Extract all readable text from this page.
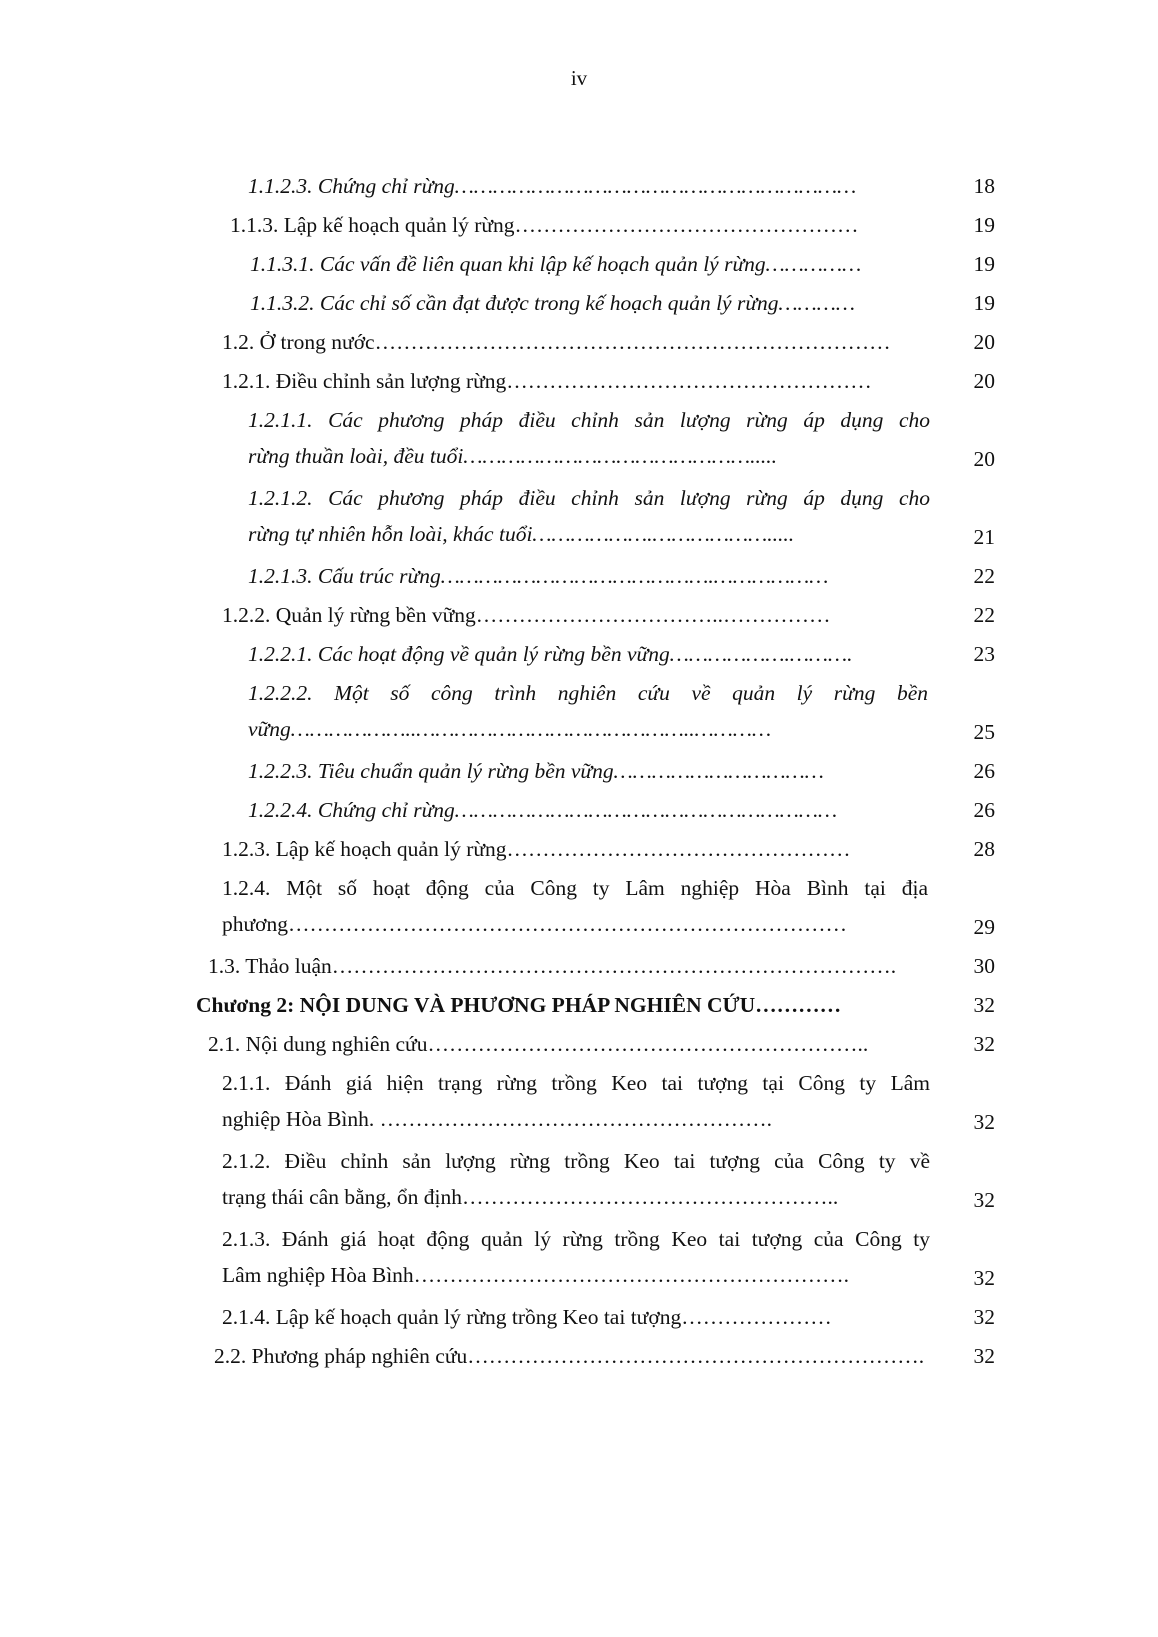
iv
1.1.2.3. Chứng chỉ rừng………………………………………………………	18
1.1.3. Lập kế hoạch quản lý rừng…………………………………………	19
1.1.3.1. Các vấn đề liên quan khi lập kế hoạch quản lý rừng……………	19
1.1.3.2. Các chỉ số cần đạt được trong kế hoạch quản lý rừng…………	19
1.2. Ở trong nước………………………………………………………………	20
1.2.1. Điều chỉnh sản lượng rừng……………………………………………	20
1.2.1.1. Các phương pháp điều chỉnh sản lượng rừng áp dụng cho
rừng thuần loài, đều tuổi……………………………………….....	20
1.2.1.2. Các phương pháp điều chỉnh sản lượng rừng áp dụng cho
rừng tự nhiên hỗn loài, khác tuổi……………….……………….....	21
1.2.1.3. Cấu trúc rừng…………………………………….………………	22
1.2.2. Quản lý rừng bền vững……………………………..……………	22
1.2.2.1. Các hoạt động về quản lý rừng bền vững……………….……….	23
1.2.2.2. Một số công trình nghiên cứu về quản lý rừng bền
vững………………..……………………………………..…………	25
1.2.2.3. Tiêu chuẩn quản lý rừng bền vững……………………………	26
1.2.2.4. Chứng chỉ rừng……………………………………………………	26
1.2.3. Lập kế hoạch quản lý rừng…………………………………………	28
1.2.4. Một số hoạt động của Công ty Lâm nghiệp Hòa Bình tại địa
phương……………………………………………………………………	29
1.3. Thảo luận…………………………………………………………………….	30
Chương 2: NỘI DUNG VÀ PHƯƠNG PHÁP NGHIÊN CỨU…………	32
2.1. Nội dung nghiên cứu……………………………………………………..	32
2.1.1. Đánh giá hiện trạng rừng trồng Keo tai tượng tại Công ty Lâm
nghiệp Hòa Bình. ……………………………………………….	32
2.1.2. Điều chỉnh sản lượng rừng trồng Keo tai tượng của Công ty về
trạng thái cân bằng, ổn định……………………………………………..	32
2.1.3. Đánh giá hoạt động quản lý rừng trồng Keo tai tượng của Công ty
Lâm nghiệp Hòa Bình…………………………………………………….	32
2.1.4. Lập kế hoạch quản lý rừng trồng Keo tai tượng…………………	32
2.2. Phương pháp nghiên cứu……………………………………………………….	32
